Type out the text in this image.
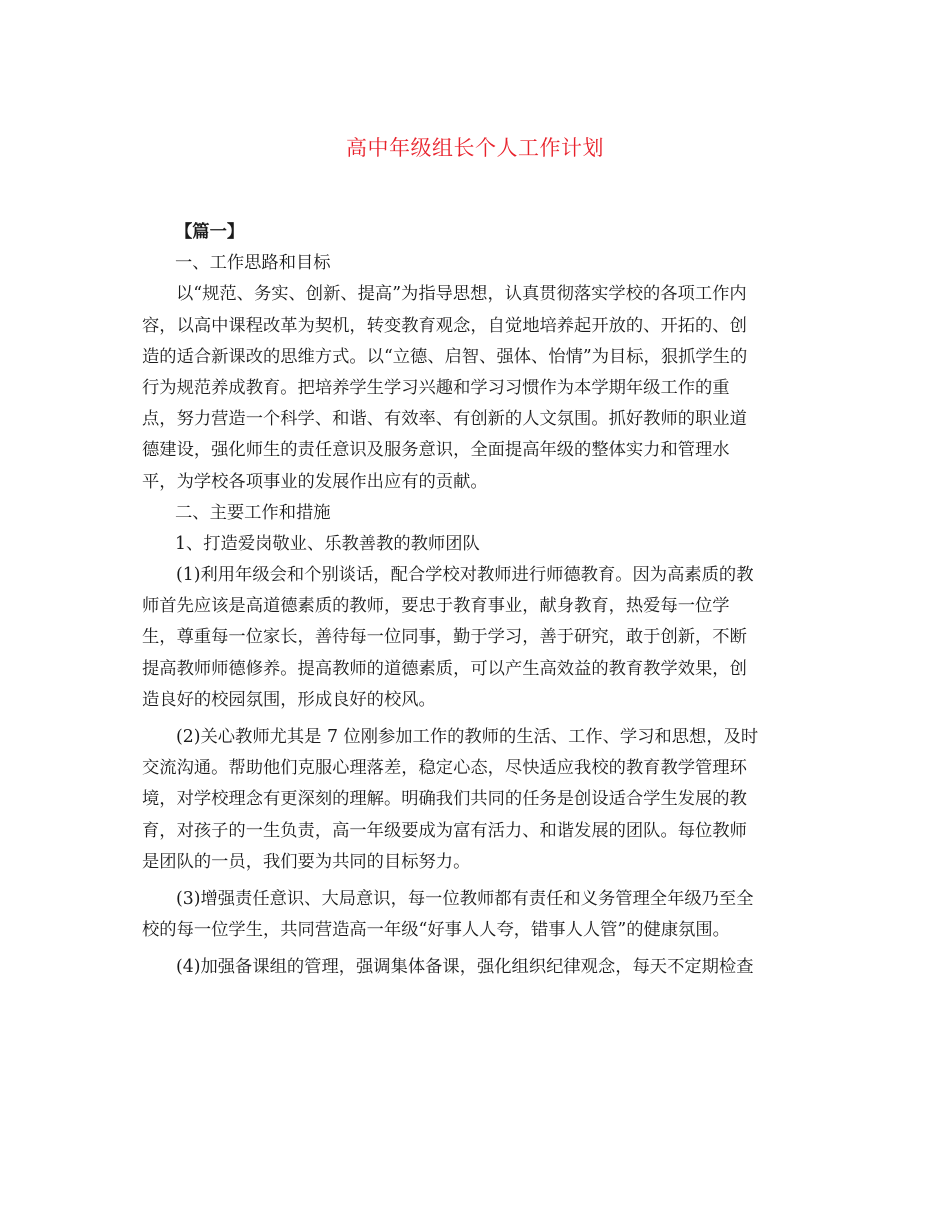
高中年级组长个人工作计划
【篇一】
一、工作思路和目标
以“规范、务实、创新、提高”为指导思想，认真贯彻落实学校的各项工作内
容，以高中课程改革为契机，转变教育观念，自觉地培养起开放的、开拓的、创
造的适合新课改的思维方式。以“立德、启智、强体、怡情”为目标，狠抓学生的
行为规范养成教育。把培养学生学习兴趣和学习习惯作为本学期年级工作的重
点，努力营造一个科学、和谐、有效率、有创新的人文氛围。抓好教师的职业道
德建设，强化师生的责任意识及服务意识，全面提高年级的整体实力和管理水
平，为学校各项事业的发展作出应有的贡献。
二、主要工作和措施
1、打造爱岗敬业、乐教善教的教师团队
(1)利用年级会和个别谈话，配合学校对教师进行师德教育。因为高素质的教
师首先应该是高道德素质的教师，要忠于教育事业，献身教育，热爱每一位学
生，尊重每一位家长，善待每一位同事，勤于学习，善于研究，敢于创新，不断
提高教师师德修养。提高教师的道德素质，可以产生高效益的教育教学效果，创
造良好的校园氛围，形成良好的校风。
(2)关心教师尤其是 7 位刚参加工作的教师的生活、工作、学习和思想，及时
交流沟通。帮助他们克服心理落差，稳定心态，尽快适应我校的教育教学管理环
境，对学校理念有更深刻的理解。明确我们共同的任务是创设适合学生发展的教
育，对孩子的一生负责，高一年级要成为富有活力、和谐发展的团队。每位教师
是团队的一员，我们要为共同的目标努力。
(3)增强责任意识、大局意识，每一位教师都有责任和义务管理全年级乃至全
校的每一位学生，共同营造高一年级“好事人人夸，错事人人管”的健康氛围。
(4)加强备课组的管理，强调集体备课，强化组织纪律观念，每天不定期检查
